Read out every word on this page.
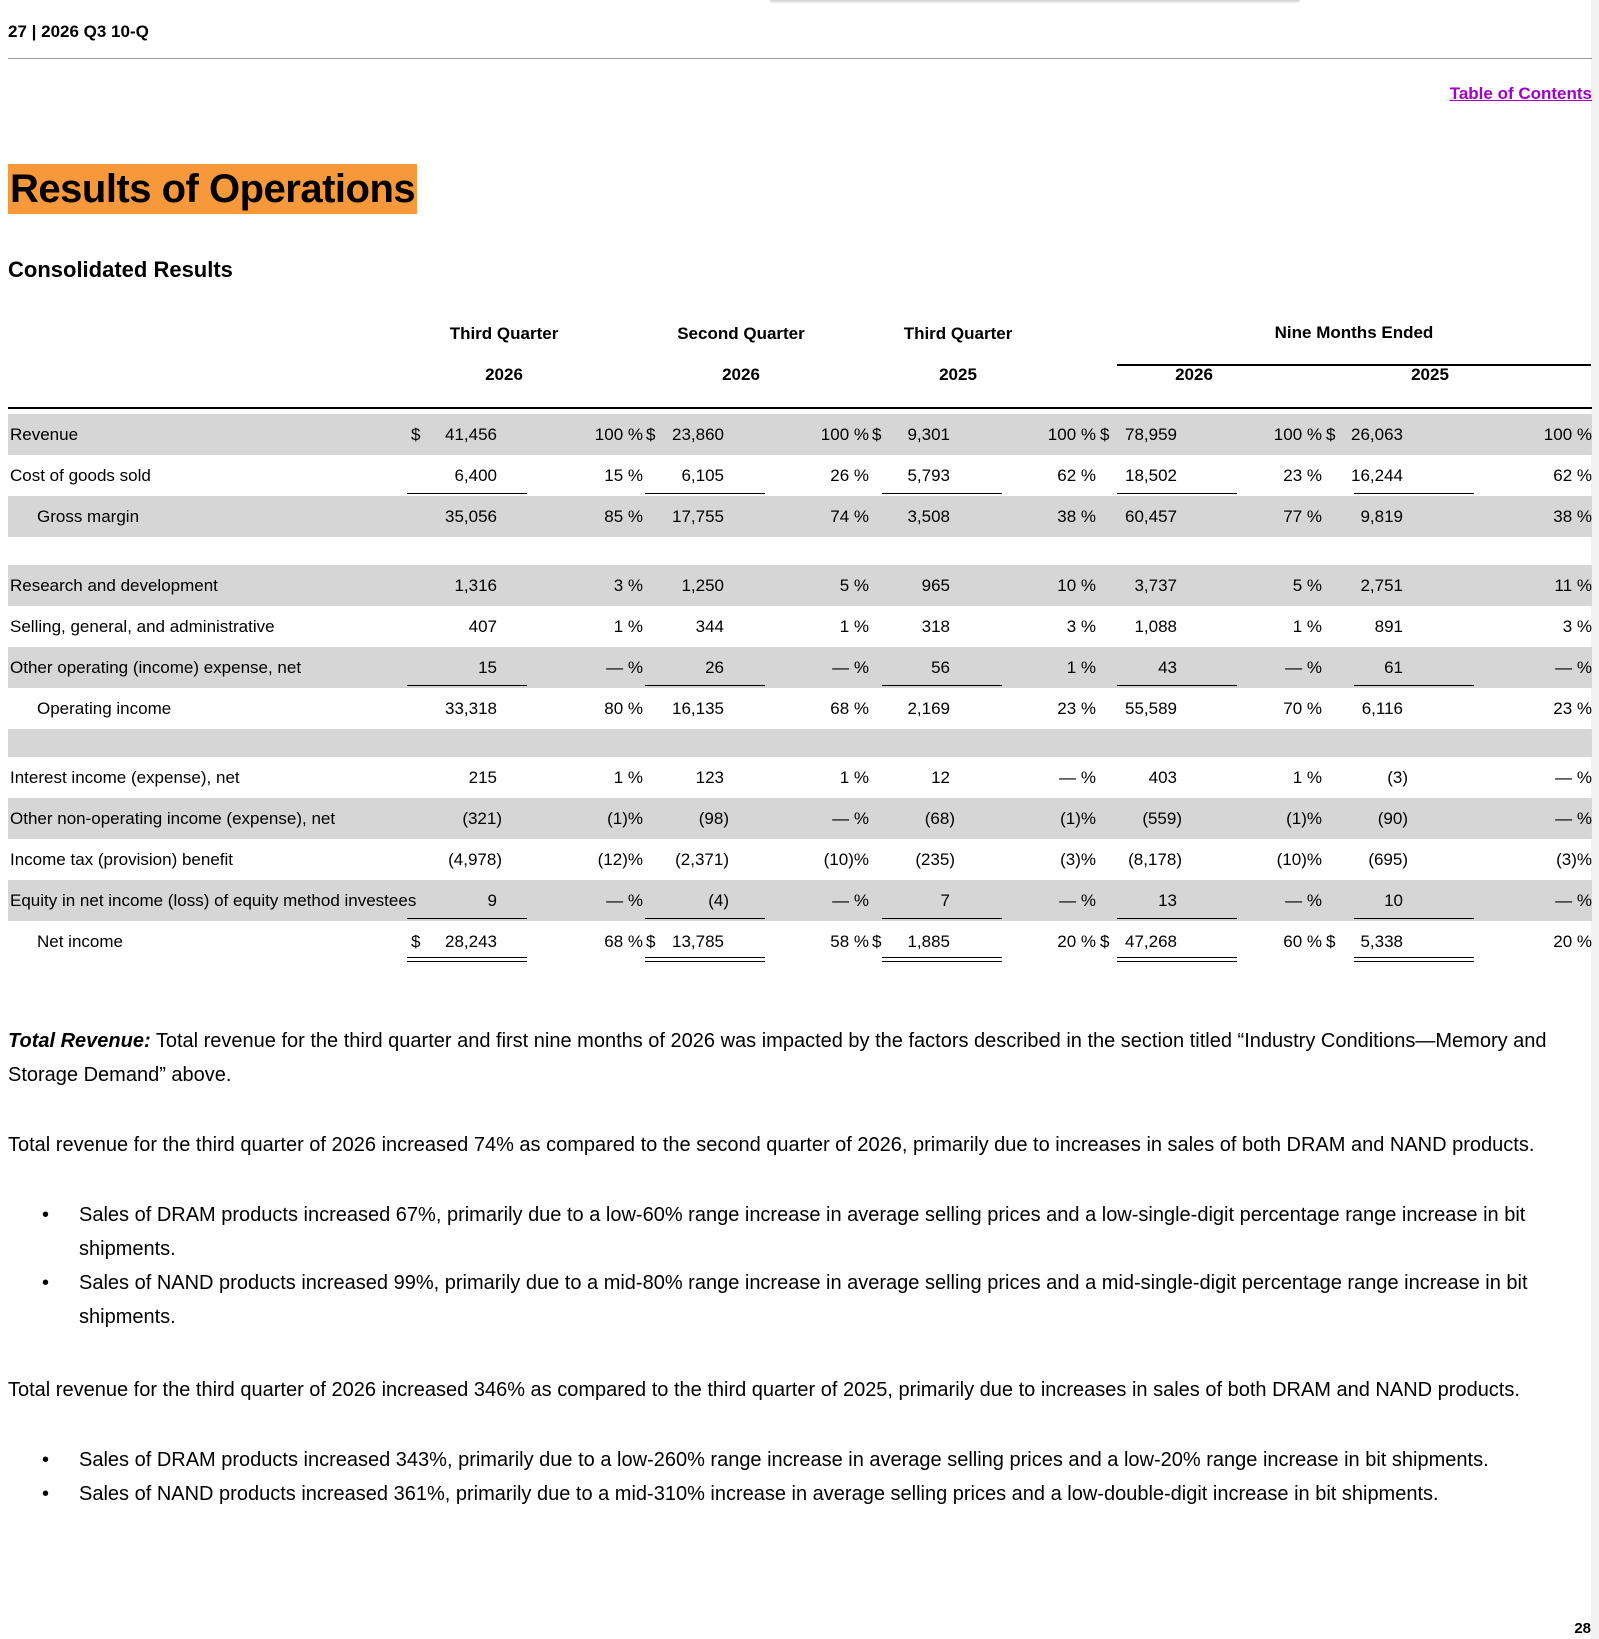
27 | 2026 Q3 10-Q
Table of Contents
Results of Operations
Consolidated Results
Third Quarter	Second Quarter	Third Quarter	Nine Months Ended
2026	2026	2025	2026	2025
Revenue	$	41,456	100 % $ 23,860	100 % $	9,301	100 % $ 78,959	100 % $ 26,063	100 %
Cost of goods sold	6,400	15 %	6,105	26 %	5,793	62 %	18,502	23 %	16,244	62 %
Gross margin	35,056	85 %	17,755	74 %	3,508	38 %	60,457	77 %	9,819	38 %
Research and development	1,316	3 %	1,250	5 %	965	10 %	3,737	5 %	2,751	11 %
Selling, general, and administrative	407	1 %	344	1 %	318	3 %	1,088	1 %	891	3 %
Other operating (income) expense, net	15	— %	26	— %	56	1 %	43	— %	61	— %
Operating income	33,318	80 %	16,135	68 %	2,169	23 %	55,589	70 %	6,116	23 %
Interest income (expense), net	215	1 %	123	1 %	12	— %	403	1 %	(3)	— %
Other non-operating income (expense), net	(321)	(1)%	(98)	— %	(68)	(1)%	(559)	(1)%	(90)	— %
Income tax (provision) benefit	(4,978)	(12)%	(2,371)	(10)%	(235)	(3)%	(8,178)	(10)%	(695)	(3)%
Equity in net income (loss) of equity method investees	9	— %	(4)	— %	7	— %	13	— %	10	— %
Net income	$	28,243	68 % $ 13,785	58 % $	1,885	20 % $ 47,268	60 % $	5,338	20 %
Total Revenue: Total revenue for the third quarter and first nine months of 2026 was impacted by the factors described in the section titled “Industry Conditions—Memory and Storage Demand” above.
Total revenue for the third quarter of 2026 increased 74% as compared to the second quarter of 2026, primarily due to increases in sales of both DRAM and NAND products.
• Sales of DRAM products increased 67%, primarily due to a low-60% range increase in average selling prices and a low-single-digit percentage range increase in bit shipments.
• Sales of NAND products increased 99%, primarily due to a mid-80% range increase in average selling prices and a mid-single-digit percentage range increase in bit shipments.
Total revenue for the third quarter of 2026 increased 346% as compared to the third quarter of 2025, primarily due to increases in sales of both DRAM and NAND products.
• Sales of DRAM products increased 343%, primarily due to a low-260% range increase in average selling prices and a low-20% range increase in bit shipments.
• Sales of NAND products increased 361%, primarily due to a mid-310% increase in average selling prices and a low-double-digit increase in bit shipments.
28
